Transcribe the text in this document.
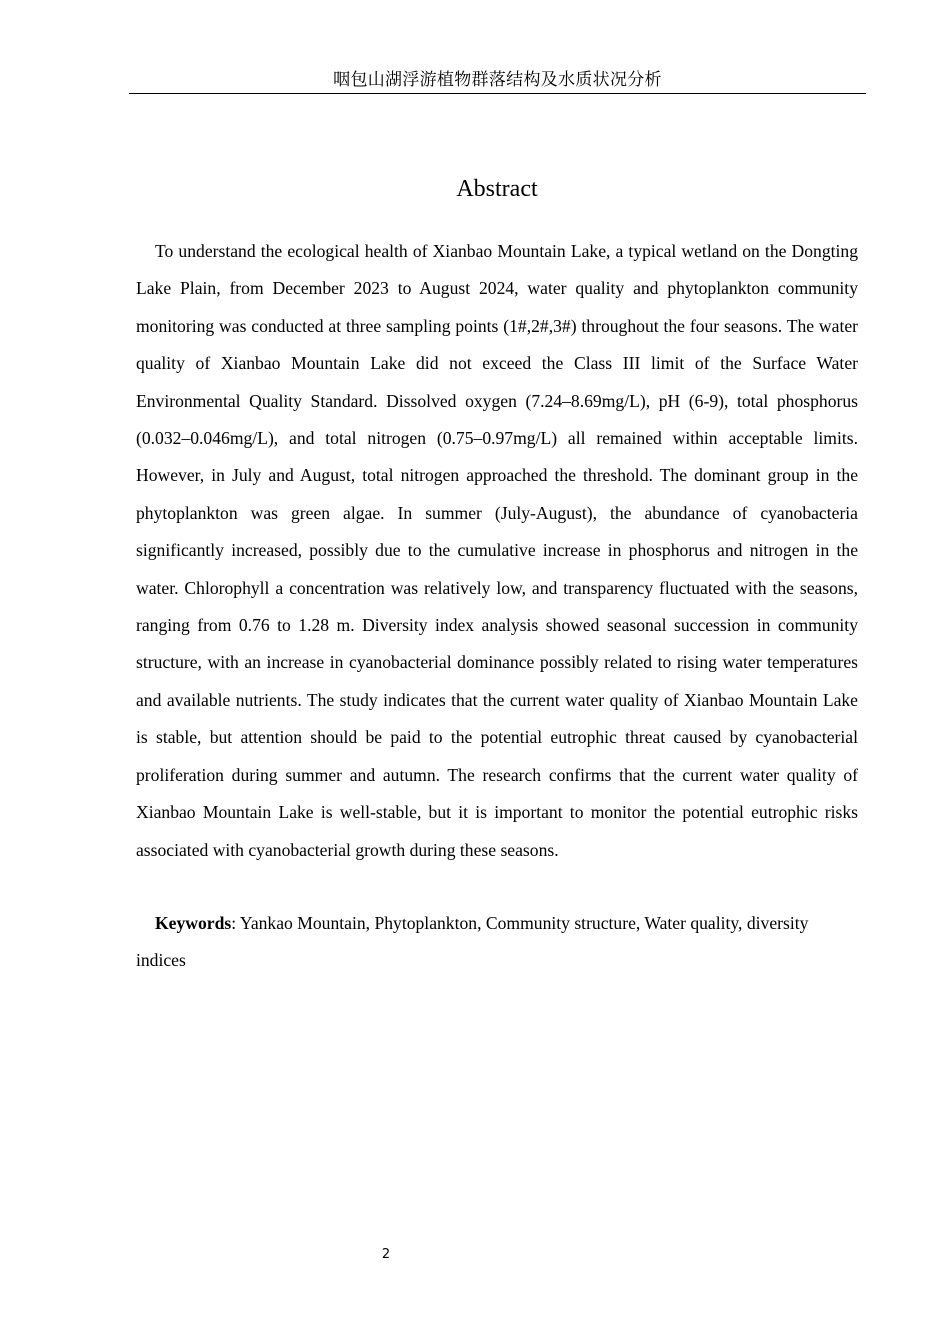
咽包山湖浮游植物群落结构及水质状况分析
Abstract

To understand the ecological health of Xianbao Mountain Lake, a typical wetland on the Dongting Lake Plain, from December 2023 to August 2024, water quality and phytoplankton community monitoring was conducted at three sampling points (1#,2#,3#) throughout the four seasons. The water quality of Xianbao Mountain Lake did not exceed the Class III limit of the Surface Water Environmental Quality Standard. Dissolved oxygen (7.24–8.69mg/L), pH (6-9), total phosphorus (0.032–0.046mg/L), and total nitrogen (0.75–0.97mg/L) all remained within acceptable limits. However, in July and August, total nitrogen approached the threshold. The dominant group in the phytoplankton was green algae. In summer (July-August), the abundance of cyanobacteria significantly increased, possibly due to the cumulative increase in phosphorus and nitrogen in the water. Chlorophyll a concentration was relatively low, and transparency fluctuated with the seasons, ranging from 0.76 to 1.28 m. Diversity index analysis showed seasonal succession in community structure, with an increase in cyanobacterial dominance possibly related to rising water temperatures and available nutrients. The study indicates that the current water quality of Xianbao Mountain Lake is stable, but attention should be paid to the potential eutrophic threat caused by cyanobacterial proliferation during summer and autumn. The research confirms that the current water quality of Xianbao Mountain Lake is well-stable, but it is important to monitor the potential eutrophic risks associated with cyanobacterial growth during these seasons.

Keywords: Yankao Mountain, Phytoplankton, Community structure, Water quality, diversity indices

2
